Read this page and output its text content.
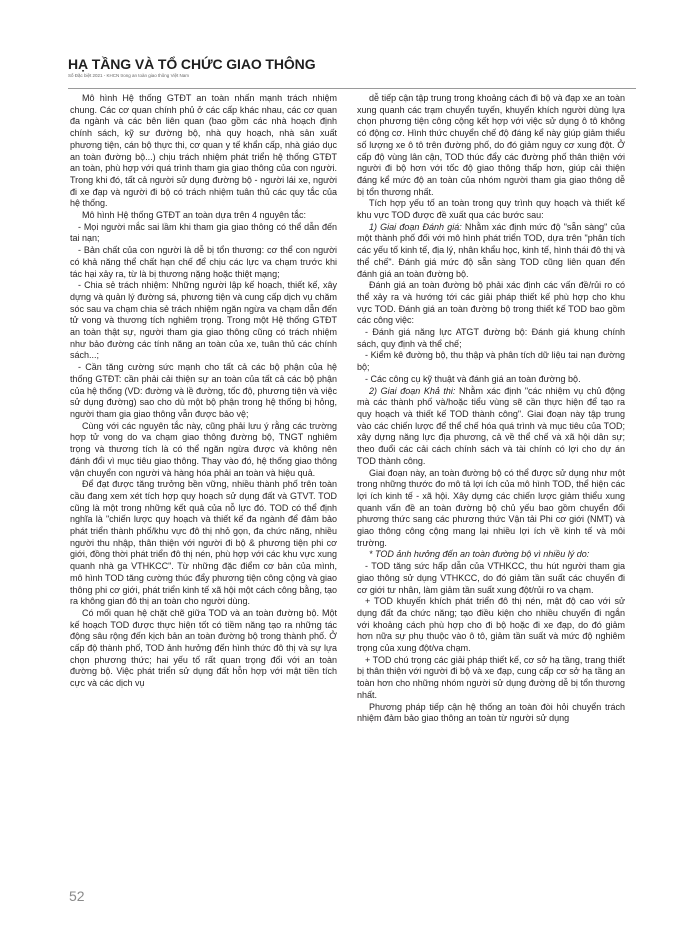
HẠ TẦNG VÀ TỔ CHỨC GIAO THÔNG
Số Đặc biệt 2021 - KHCN trong an toàn giao thông Việt Nam

Mô hình Hệ thống GTĐT an toàn nhấn mạnh trách nhiệm chung. Các cơ quan chính phủ ở các cấp khác nhau, các cơ quan đa ngành và các bên liên quan (bao gồm các nhà hoạch định chính sách, kỹ sư đường bộ, nhà quy hoạch, nhà sản xuất phương tiện, cán bộ thực thi, cơ quan y tế khẩn cấp, nhà giáo dục an toàn đường bộ...) chịu trách nhiệm phát triển hệ thống GTĐT an toàn, phù hợp với quá trình tham gia giao thông của con người. Trong khi đó, tất cả người sử dụng đường bộ - người lái xe, người đi xe đạp và người đi bộ có trách nhiệm tuân thủ các quy tắc của hệ thống.

Mô hình Hệ thống GTĐT an toàn dựa trên 4 nguyên tắc:

- Mọi người mắc sai lầm khi tham gia giao thông có thể dẫn đến tai nạn;

- Bản chất của con người là dễ bị tổn thương: cơ thể con người có khả năng thể chất hạn chế để chịu các lực va chạm trước khi tác hại xảy ra, từ là bị thương nặng hoặc thiệt mạng;

- Chia sẻ trách nhiệm: Những người lập kế hoạch, thiết kế, xây dựng và quản lý đường sá, phương tiện và cung cấp dịch vụ chăm sóc sau va chạm chia sẻ trách nhiệm ngăn ngừa va chạm dẫn đến tử vong và thương tích nghiêm trọng. Trong một Hệ thống GTĐT an toàn thật sự, người tham gia giao thông cũng có trách nhiệm như bảo đường các tính năng an toàn của xe, tuân thủ các chính sách...;

- Cần tăng cường sức mạnh cho tất cả các bộ phận của hệ thống GTĐT: cần phải cải thiện sự an toàn của tất cả các bộ phận của hệ thống (VD: đường và lề đường, tốc độ, phương tiện và việc sử dụng đường) sao cho dù một bộ phận trong hệ thống bị hỏng, người tham gia giao thông vẫn được bảo vệ;

Cùng với các nguyên tắc này, cũng phải lưu ý rằng các trường hợp tử vong do va chạm giao thông đường bộ, TNGT nghiêm trọng và thương tích là có thể ngăn ngừa được và không nên đánh đổi vì mục tiêu giao thông. Thay vào đó, hệ thống giao thông vận chuyển con người và hàng hóa phải an toàn và hiệu quả.

Để đạt được tăng trưởng bền vững, nhiều thành phố trên toàn cầu đang xem xét tích hợp quy hoạch sử dụng đất và GTVT. TOD cũng là một trong những kết quả của nỗ lực đó. TOD có thể định nghĩa là "chiến lược quy hoạch và thiết kế đa ngành để đảm bảo phát triển thành phố/khu vực đô thị nhỏ gọn, đa chức năng, nhiều người thu nhập, thân thiện với người đi bộ & phương tiện phi cơ giới, đồng thời phát triển đô thị nén, phù hợp với các khu vực xung quanh nhà ga VTHKCC". Từ những đặc điểm cơ bản của mình, mô hình TOD tăng cường thúc đẩy phương tiện công cộng và giao thông phi cơ giới, phát triển kinh tế xã hội một cách công bằng, tạo ra không gian đô thị an toàn cho người dùng.

Có mối quan hệ chặt chẽ giữa TOD và an toàn đường bộ. Một kế hoạch TOD được thực hiện tốt có tiềm năng tạo ra những tác động sâu rộng đến kịch bản an toàn đường bộ trong thành phố. Ở cấp độ thành phố, TOD ảnh hưởng đến hình thức đô thị và sự lựa chọn phương thức; hai yếu tố rất quan trọng đối với an toàn đường bộ. Việc phát triển sử dụng đất hỗn hợp với mật tiền tích cực và các dịch vụ

dễ tiếp cận tập trung trong khoảng cách đi bộ và đạp xe an toàn xung quanh các trạm chuyển tuyến, khuyến khích người dùng lựa chọn phương tiện công cộng kết hợp với việc sử dụng ô tô không có động cơ. Hình thức chuyển chế độ đáng kể này giúp giảm thiểu số lượng xe ô tô trên đường phố, do đó giảm nguy cơ xung đột. Ở cấp độ vùng lân cận, TOD thúc đẩy các đường phố thân thiện với người đi bộ hơn với tốc độ giao thông thấp hơn, giúp cải thiện đáng kể mức độ an toàn của nhóm người tham gia giao thông dễ bị tổn thương nhất.

Tích hợp yếu tố an toàn trong quy trình quy hoạch và thiết kế khu vực TOD được đề xuất qua các bước sau:

1) Giai đoạn Đánh giá: Nhằm xác định mức độ "sẵn sàng" của một thành phố đối với mô hình phát triển TOD, dựa trên "phân tích các yếu tố kinh tế, địa lý, nhân khẩu học, kinh tế, hình thái đô thị và thể chế". Đánh giá mức độ sẵn sàng TOD cũng liên quan đến đánh giá an toàn đường bộ.

Đánh giá an toàn đường bộ phải xác định các vấn đề/rủi ro có thể xảy ra và hướng tới các giải pháp thiết kế phù hợp cho khu vực TOD. Đánh giá an toàn đường bộ trong thiết kế TOD bao gồm các công việc:

- Đánh giá năng lực ATGT đường bộ: Đánh giá khung chính sách, quy định và thể chế;

- Kiểm kê đường bộ, thu thập và phân tích dữ liệu tai nạn đường bộ;

- Các công cụ kỹ thuật và đánh giá an toàn đường bộ.

2) Giai đoạn Khả thi: Nhằm xác định "các nhiệm vụ chủ động mà các thành phố và/hoặc tiểu vùng sẽ cần thực hiện để tạo ra quy hoạch và thiết kế TOD thành công". Giai đoạn này tập trung vào các chiến lược để thể chế hóa quá trình và mục tiêu của TOD; xây dựng năng lực địa phương, cả về thể chế và xã hội dân sự; theo đuổi các cải cách chính sách và tài chính có lợi cho dự án TOD thành công.

Giai đoạn này, an toàn đường bộ có thể được sử dụng như một trong những thước đo mô tả lợi ích của mô hình TOD, thể hiện các lợi ích kinh tế - xã hội. Xây dựng các chiến lược giảm thiểu xung quanh vấn đề an toàn đường bộ chủ yếu bao gồm chuyển đổi phương thức sang các phương thức Vận tải Phi cơ giới (NMT) và giao thông công cộng mang lại nhiều lợi ích về kinh tế và môi trường.

* TOD ảnh hưởng đến an toàn đường bộ vì nhiều lý do:

- TOD tăng sức hấp dẫn của VTHKCC, thu hút người tham gia giao thông sử dụng VTHKCC, do đó giảm tần suất các chuyến đi cơ giới tư nhân, làm giảm tần suất xung đột/rủi ro va chạm.

+ TOD khuyến khích phát triển đô thị nén, mật độ cao với sử dụng đất đa chức năng; tạo điều kiện cho nhiều chuyến đi ngắn với khoảng cách phù hợp cho đi bộ hoặc đi xe đạp, do đó giảm hơn nữa sự phụ thuộc vào ô tô, giảm tần suất và mức độ nghiêm trọng của xung đột/va chạm.

+ TOD chú trọng các giải pháp thiết kế, cơ sở hạ tầng, trang thiết bị thân thiện với người đi bộ và xe đạp, cung cấp cơ sở hạ tầng an toàn hơn cho những nhóm người sử dụng đường dễ bị tổn thương nhất.

Phương pháp tiếp cận hệ thống an toàn đòi hỏi chuyển trách nhiệm đảm bảo giao thông an toàn từ người sử dụng

52
